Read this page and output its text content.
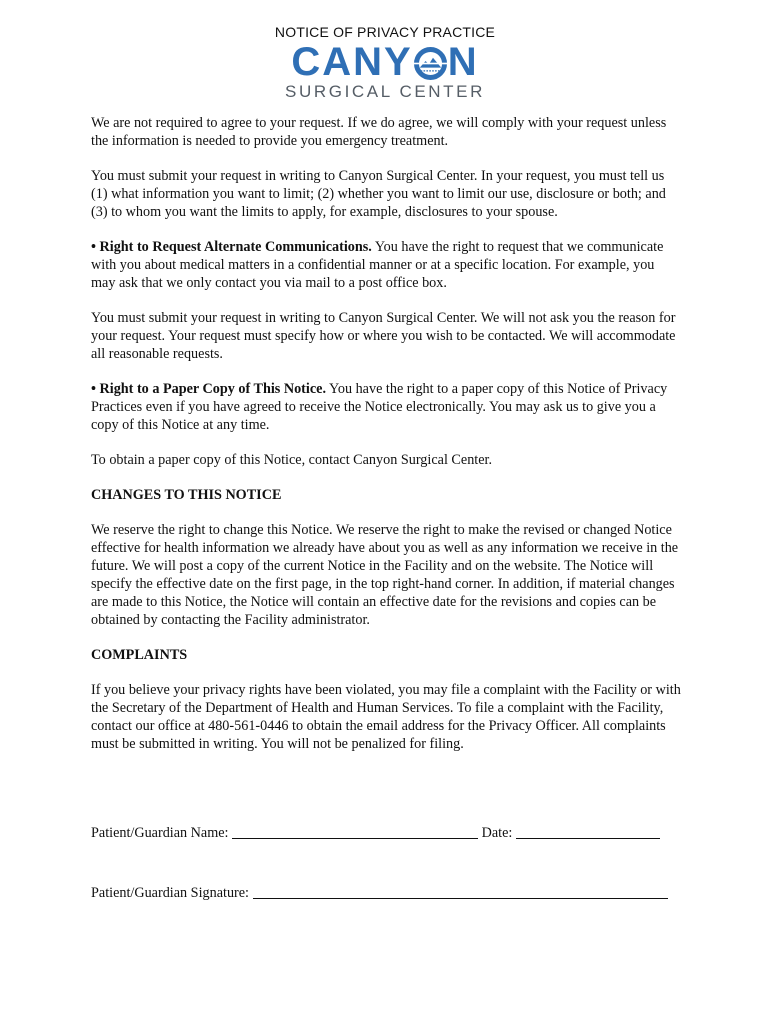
NOTICE OF PRIVACY PRACTICE
CANY N
SURGICAL CENTER

We are not required to agree to your request. If we do agree, we will comply with your request unless the information is needed to provide you emergency treatment.

You must submit your request in writing to Canyon Surgical Center. In your request, you must tell us (1) what information you want to limit; (2) whether you want to limit our use, disclosure or both; and (3) to whom you want the limits to apply, for example, disclosures to your spouse.

• Right to Request Alternate Communications. You have the right to request that we communicate with you about medical matters in a confidential manner or at a specific location. For example, you may ask that we only contact you via mail to a post office box.

You must submit your request in writing to Canyon Surgical Center. We will not ask you the reason for your request. Your request must specify how or where you wish to be contacted. We will accommodate all reasonable requests.

• Right to a Paper Copy of This Notice. You have the right to a paper copy of this Notice of Privacy Practices even if you have agreed to receive the Notice electronically. You may ask us to give you a copy of this Notice at any time.

To obtain a paper copy of this Notice, contact Canyon Surgical Center.

CHANGES TO THIS NOTICE

We reserve the right to change this Notice. We reserve the right to make the revised or changed Notice effective for health information we already have about you as well as any information we receive in the future. We will post a copy of the current Notice in the Facility and on the website. The Notice will specify the effective date on the first page, in the top right-hand corner. In addition, if material changes are made to this Notice, the Notice will contain an effective date for the revisions and copies can be obtained by contacting the Facility administrator.

COMPLAINTS

If you believe your privacy rights have been violated, you may file a complaint with the Facility or with the Secretary of the Department of Health and Human Services. To file a complaint with the Facility, contact our office at 480-561-0446 to obtain the email address for the Privacy Officer. All complaints must be submitted in writing. You will not be penalized for filing.

Patient/Guardian Name:	Date:
Patient/Guardian Signature:
